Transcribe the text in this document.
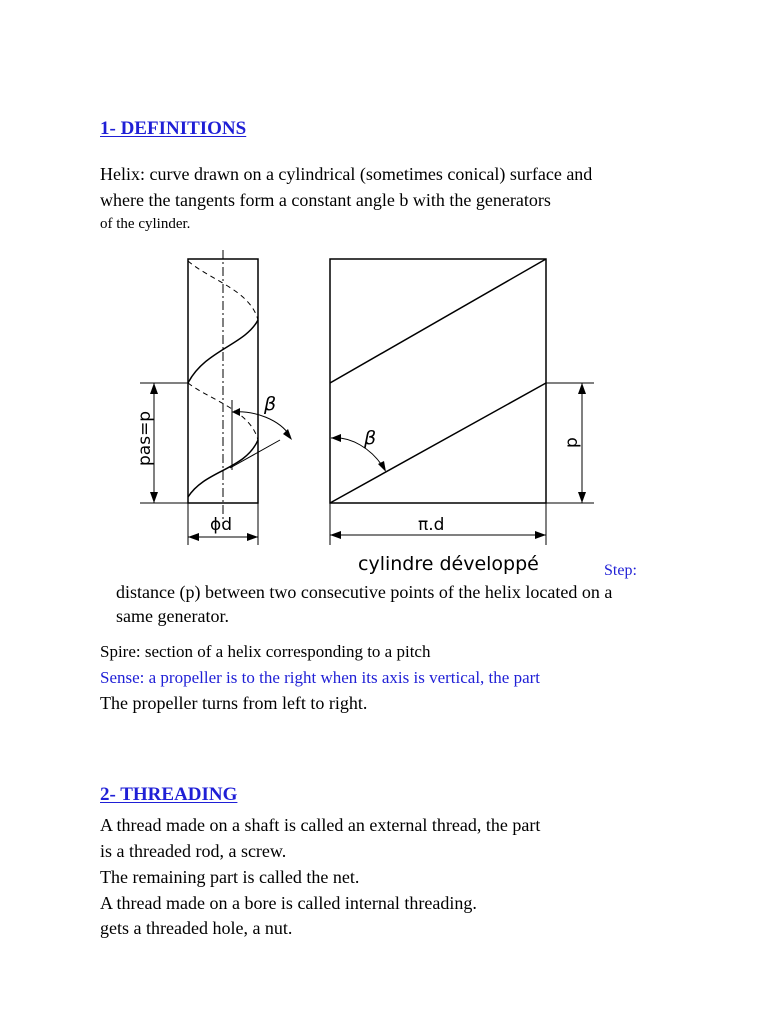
1- DEFINITIONS
Helix: curve drawn on a cylindrical (sometimes conical) surface and
where the tangents form a constant angle b with the generators
of the cylinder.
pas=p
β
β
ϕd	π.d
p
cylindre développé	Step:
distance (p) between two consecutive points of the helix located on a
same generator.
Spire: section of a helix corresponding to a pitch
Sense: a propeller is to the right when its axis is vertical, the part
The propeller turns from left to right.
2- THREADING
A thread made on a shaft is called an external thread, the part
is a threaded rod, a screw.
The remaining part is called the net.
A thread made on a bore is called internal threading.
gets a threaded hole, a nut.
